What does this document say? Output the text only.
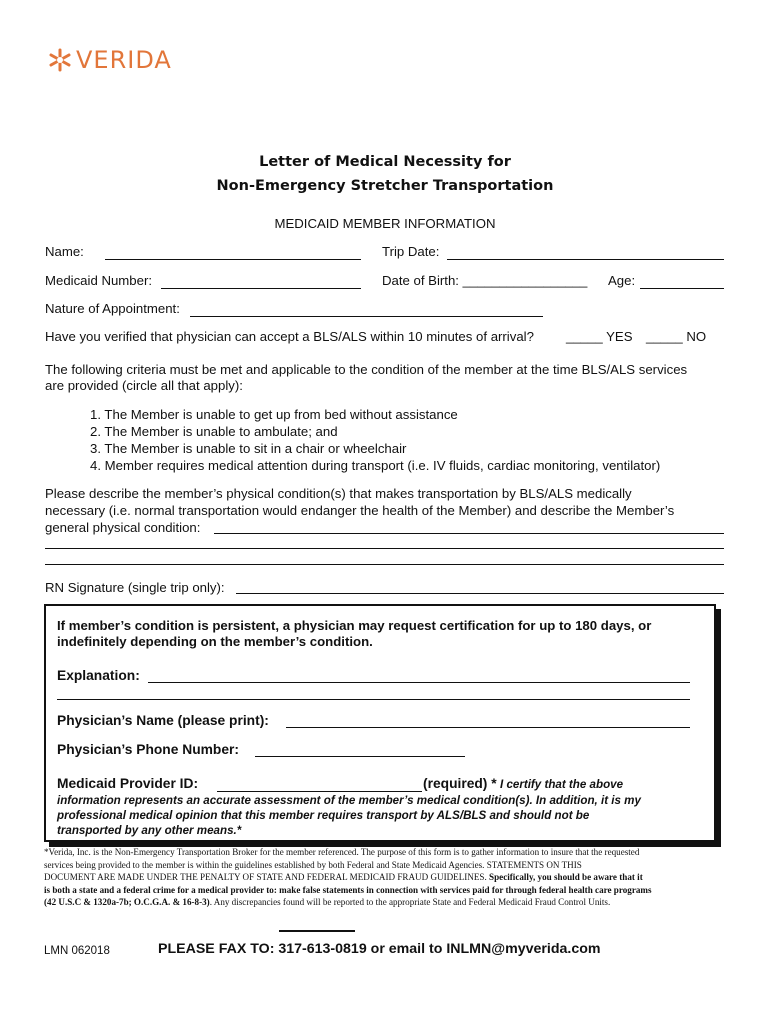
VERIDA
Letter of Medical Necessity for
Non-Emergency Stretcher Transportation
MEDICAID MEMBER INFORMATION
Name:	Trip Date:
Medicaid Number:	Date of Birth: _________________ Age:
Nature of Appointment:
Have you verified that physician can accept a BLS/ALS within 10 minutes of arrival? _____ YES _____ NO
The following criteria must be met and applicable to the condition of the member at the time BLS/ALS services
are provided (circle all that apply):
1. The Member is unable to get up from bed without assistance
2. The Member is unable to ambulate; and
3. The Member is unable to sit in a chair or wheelchair
4. Member requires medical attention during transport (i.e. IV fluids, cardiac monitoring, ventilator)
Please describe the member’s physical condition(s) that makes transportation by BLS/ALS medically
necessary (i.e. normal transportation would endanger the health of the Member) and describe the Member’s
general physical condition:
RN Signature (single trip only):
If member’s condition is persistent, a physician may request certification for up to 180 days, or
indefinitely depending on the member’s condition.
Explanation:
Physician’s Name (please print):
Physician’s Phone Number:
Medicaid Provider ID:	(required) * I certify that the above
information represents an accurate assessment of the member’s medical condition(s). In addition, it is my
professional medical opinion that this member requires transport by ALS/BLS and should not be
transported by any other means.*
*Verida, Inc. is the Non-Emergency Transportation Broker for the member referenced. The purpose of this form is to gather information to insure that the requested
services being provided to the member is within the guidelines established by both Federal and State Medicaid Agencies. STATEMENTS ON THIS
DOCUMENT ARE MADE UNDER THE PENALTY OF STATE AND FEDERAL MEDICAID FRAUD GUIDELINES. Specifically, you should be aware that it
is both a state and a federal crime for a medical provider to: make false statements in connection with services paid for through federal health care programs
(42 U.S.C & 1320a-7b; O.C.G.A. & 16-8-3). Any discrepancies found will be reported to the appropriate State and Federal Medicaid Fraud Control Units.
LMN 062018	PLEASE FAX TO: 317-613-0819 or email to INLMN@myverida.com
